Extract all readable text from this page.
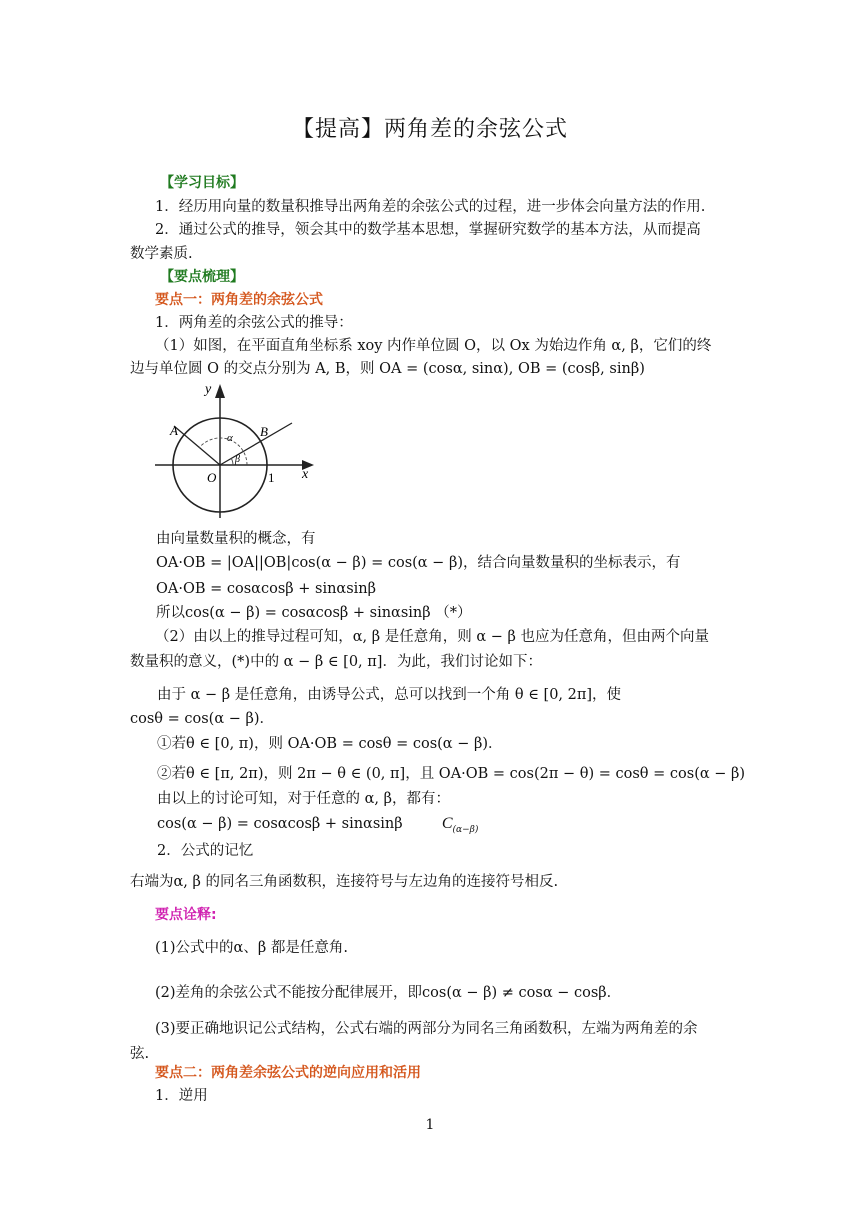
【提高】两角差的余弦公式
【学习目标】
1．经历用向量的数量积推导出两角差的余弦公式的过程，进一步体会向量方法的作用.
2．通过公式的推导，领会其中的数学基本思想，掌握研究数学的基本方法，从而提高
数学素质.
【要点梳理】
要点一：两角差的余弦公式
1．两角差的余弦公式的推导：
（1）如图，在平面直角坐标系 xoy 内作单位圆 O，以 Ox 为始边作角 α, β，它们的终
边与单位圆 O 的交点分别为 A, B，则 OA = (cosα, sinα), OB = (cosβ, sinβ)
y
x
O	1
A	B
α
β
由向量数量积的概念，有
OA·OB = |OA||OB|cos(α − β) = cos(α − β)，结合向量数量积的坐标表示，有
OA·OB = cosαcosβ + sinαsinβ
所以cos(α − β) = cosαcosβ + sinαsinβ （*）
（2）由以上的推导过程可知，α, β 是任意角，则 α − β 也应为任意角，但由两个向量
数量积的意义，(*)中的 α − β ∈ [0, π]．为此，我们讨论如下：
由于 α − β 是任意角，由诱导公式，总可以找到一个角 θ ∈ [0, 2π]，使
cosθ = cos(α − β)．
①若θ ∈ [0, π)，则 OA·OB = cosθ = cos(α − β)．
②若θ ∈ [π, 2π)，则 2π − θ ∈ (0, π]，且 OA·OB = cos(2π − θ) = cosθ = cos(α − β)
由以上的讨论可知，对于任意的 α, β，都有：
cos(α − β) = cosαcosβ + sinαsinβ $C_{(\alpha-\beta)}$
2．公式的记忆
右端为α, β 的同名三角函数积，连接符号与左边角的连接符号相反.
要点诠释:
(1)公式中的α、β 都是任意角.
(2)差角的余弦公式不能按分配律展开，即cos(α − β) ≠ cosα − cosβ．
(3)要正确地识记公式结构，公式右端的两部分为同名三角函数积，左端为两角差的余
弦.
要点二：两角差余弦公式的逆向应用和活用
1．逆用
1
